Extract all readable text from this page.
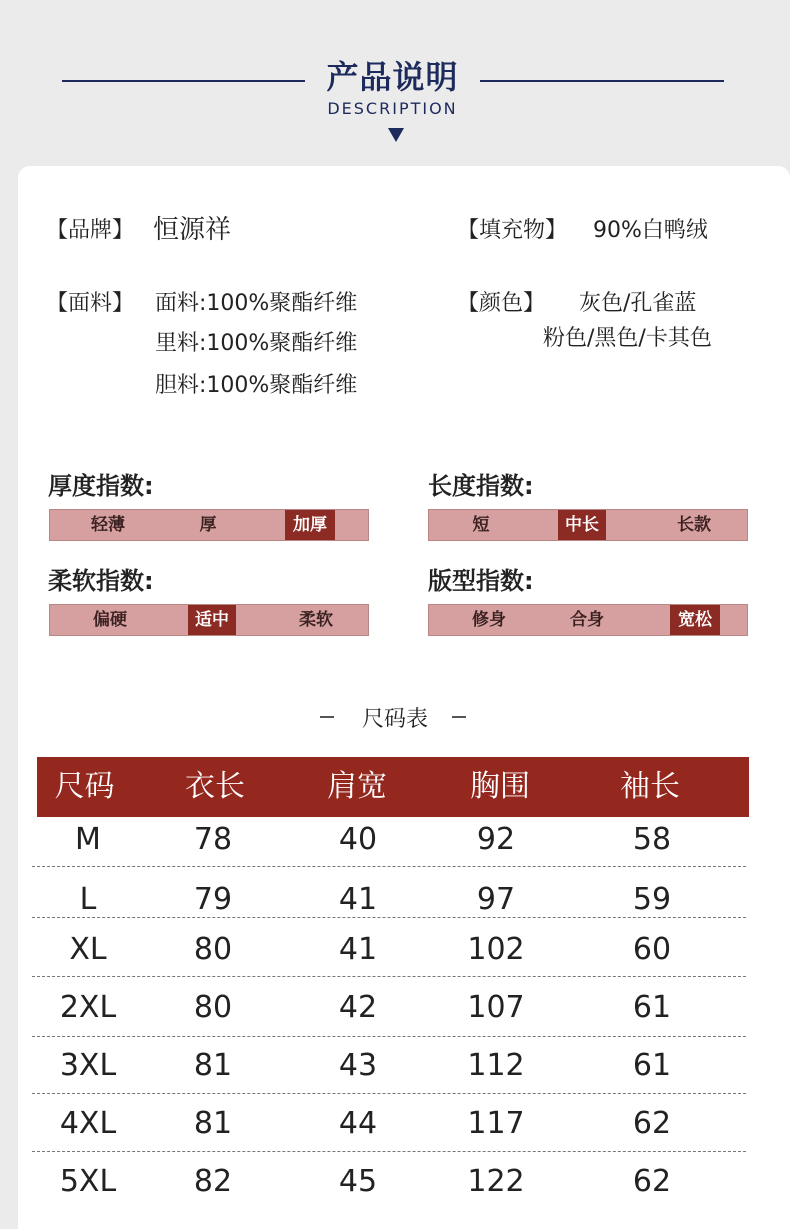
产品说明
DESCRIPTION
【品牌】 恒源祥	【填充物】 90%白鸭绒
【面料】 面料:100%聚酯纤维
里料:100%聚酯纤维
胆料:100%聚酯纤维
【颜色】 灰色/孔雀蓝
粉色/黑色/卡其色
厚度指数:
轻薄	厚	加厚
长度指数:
短	中长	长款
柔软指数:
偏硬	适中	柔软
版型指数:
修身	合身	宽松
尺码表
尺码	衣长	肩宽	胸围	袖长
M	78	40	92	58
L	79	41	97	59
XL	80	41	102	60
2XL	80	42	107	61
3XL	81	43	112	61
4XL	81	44	117	62
5XL	82	45	122	62
